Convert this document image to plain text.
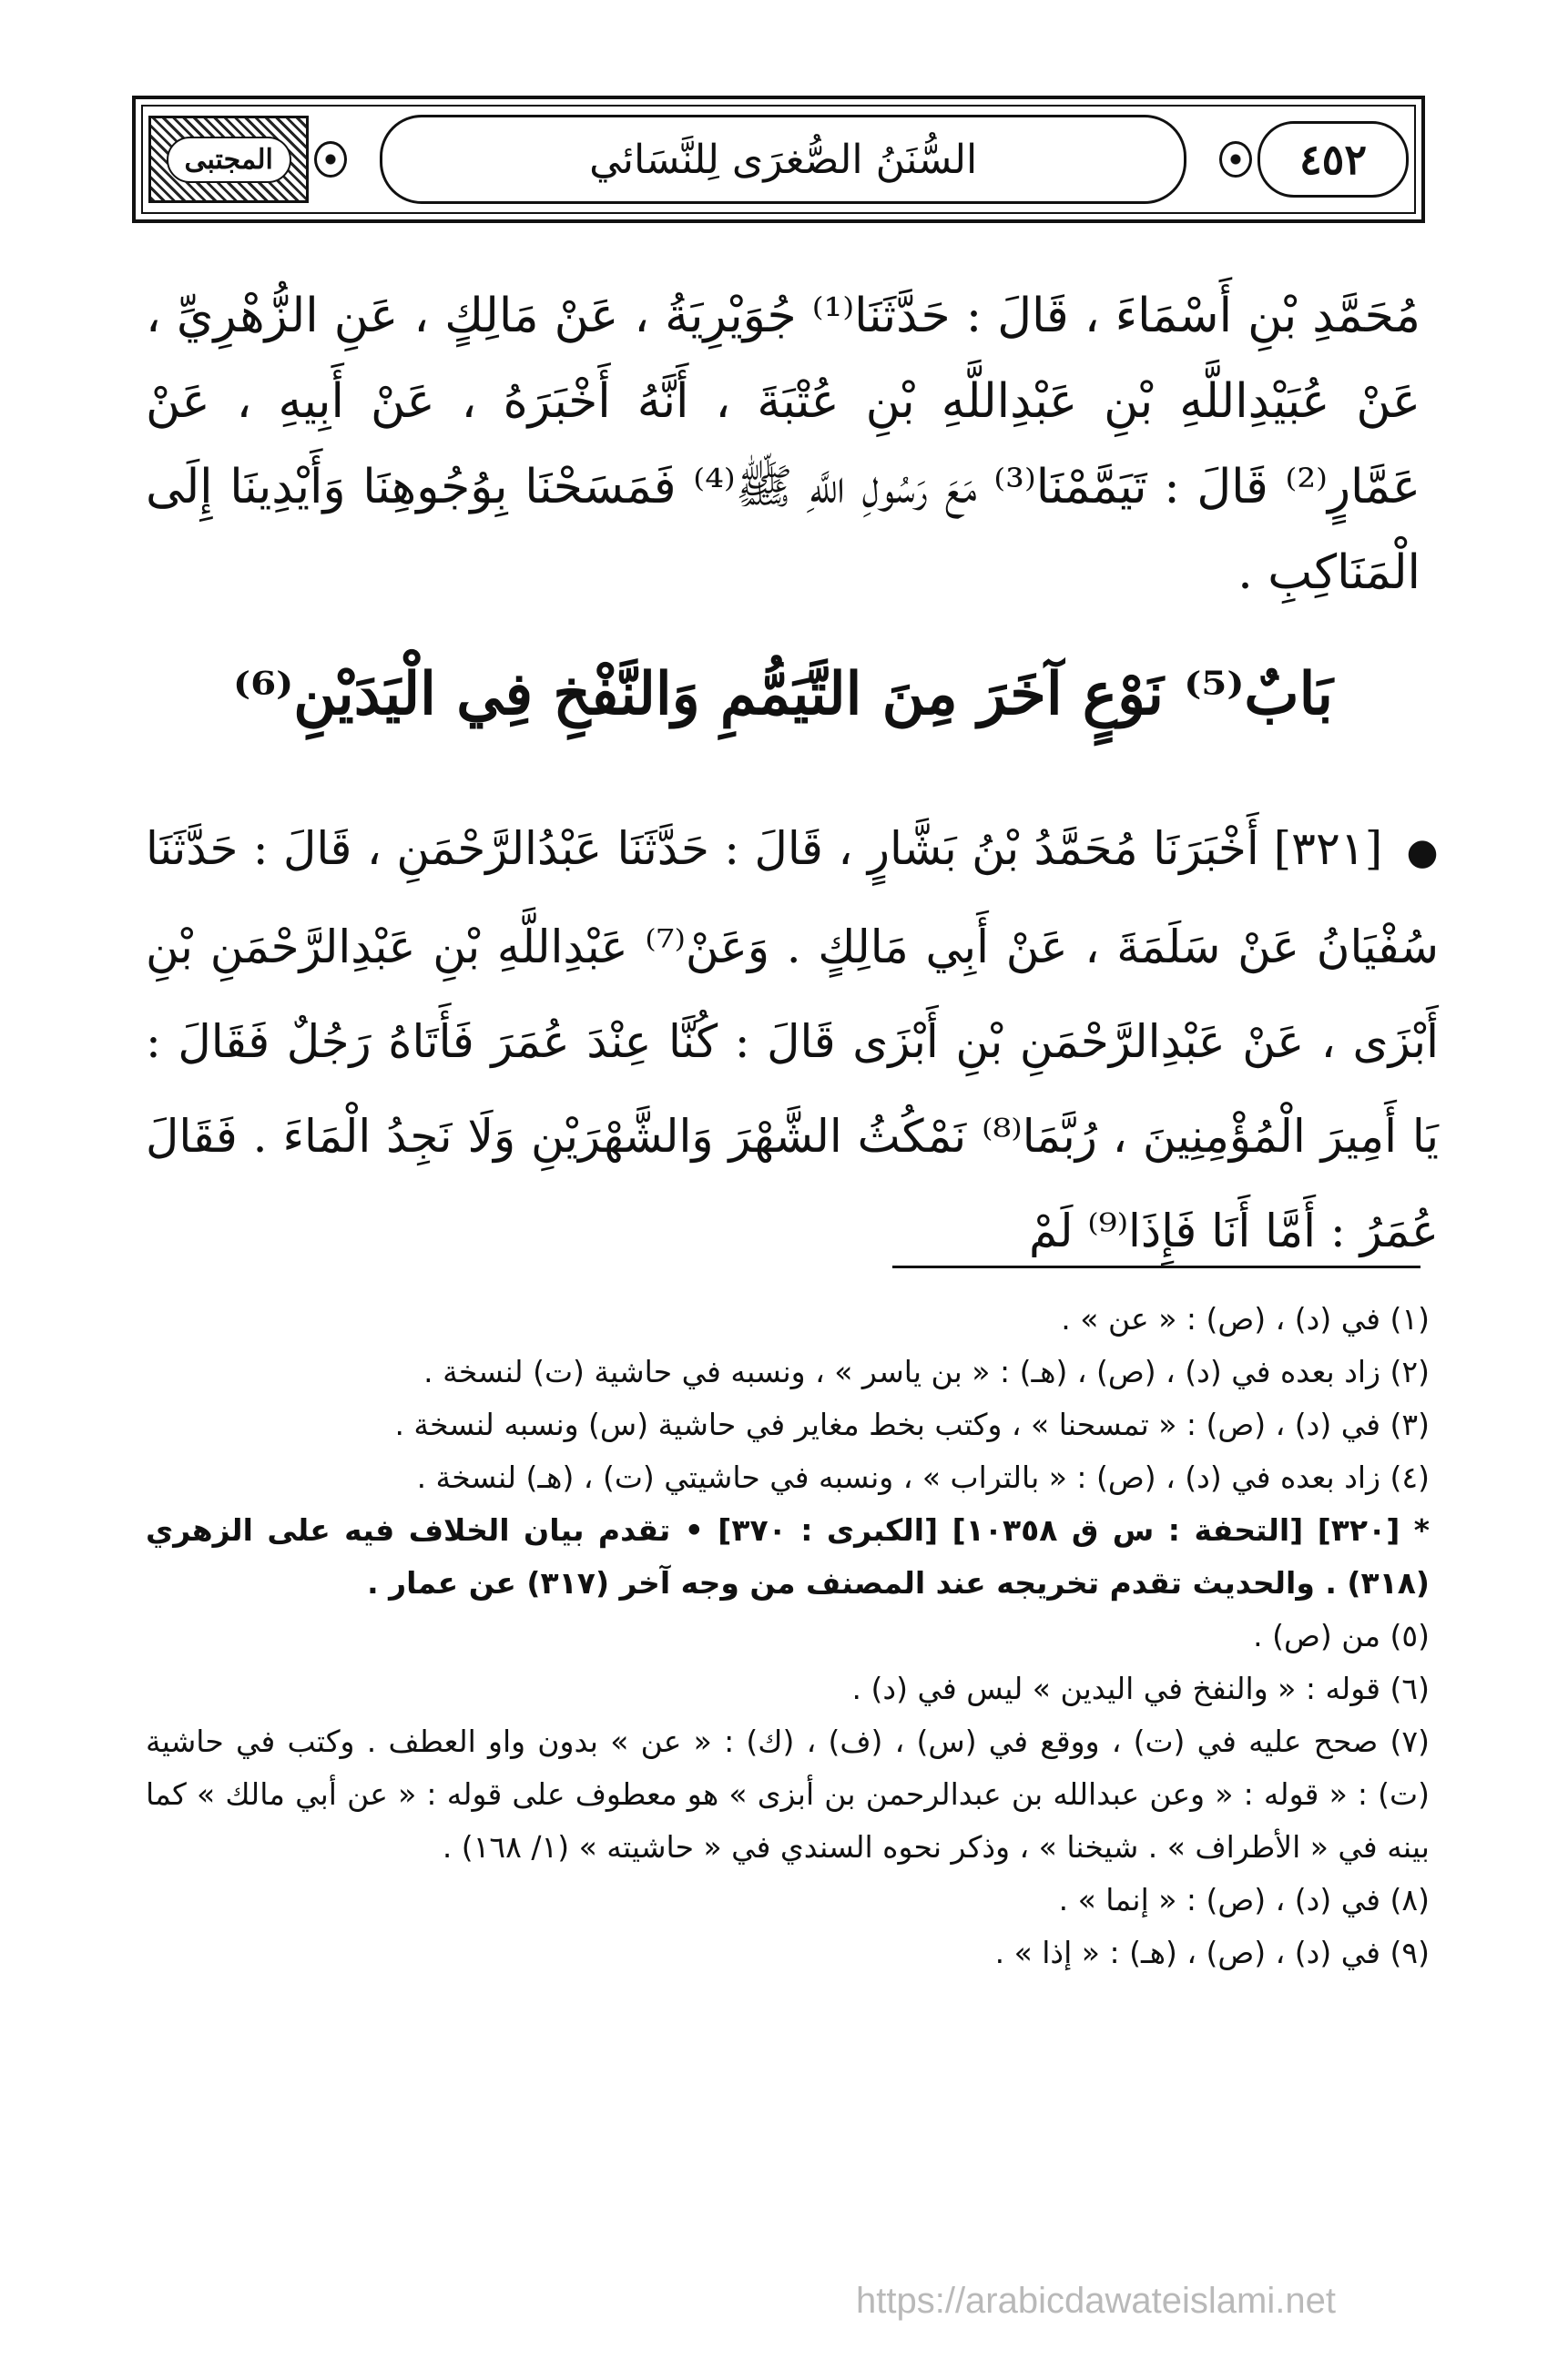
المجتبى	السُّنَنُ الصُّغرَى لِلنَّسَائي	٤٥٢

مُحَمَّدِ بْنِ أَسْمَاءَ ، قَالَ : حَدَّثَنَا⁽¹⁾ جُوَيْرِيَةُ ، عَنْ مَالِكٍ ، عَنِ الزُّهْرِيِّ ، عَنْ عُبَيْدِاللَّهِ بْنِ عَبْدِاللَّهِ بْنِ عُتْبَةَ ، أَنَّهُ أَخْبَرَهُ ، عَنْ أَبِيهِ ، عَنْ عَمَّارٍ⁽²⁾ قَالَ : تَيَمَّمْنَا⁽³⁾ مَعَ رَسُولِ اللَّهِ ﷺ⁽⁴⁾ فَمَسَحْنَا بِوُجُوهِنَا وَأَيْدِينَا إِلَى الْمَنَاكِبِ .

بَابٌ⁽⁵⁾ نَوْعٍ آخَرَ مِنَ التَّيَمُّمِ وَالنَّفْخِ فِي الْيَدَيْنِ⁽⁶⁾
● [٣٢١] أَخْبَرَنَا مُحَمَّدُ بْنُ بَشَّارٍ ، قَالَ : حَدَّثَنَا عَبْدُالرَّحْمَنِ ، قَالَ : حَدَّثَنَا سُفْيَانُ عَنْ سَلَمَةَ ، عَنْ أَبِي مَالِكٍ . وَعَنْ⁽⁷⁾ عَبْدِاللَّهِ بْنِ عَبْدِالرَّحْمَنِ بْنِ أَبْزَى ، عَنْ عَبْدِالرَّحْمَنِ بْنِ أَبْزَى قَالَ : كُنَّا عِنْدَ عُمَرَ فَأَتَاهُ رَجُلٌ فَقَالَ : يَا أَمِيرَ الْمُؤْمِنِينَ ، رُبَّمَا⁽⁸⁾ نَمْكُثُ الشَّهْرَ وَالشَّهْرَيْنِ وَلَا نَجِدُ الْمَاءَ . فَقَالَ عُمَرُ : أَمَّا أَنَا فَإِذَا⁽⁹⁾ لَمْ
(١) في (د) ، (ص) : « عن » .
(٢) زاد بعده في (د) ، (ص) ، (هـ) : « بن ياسر » ، ونسبه في حاشية (ت) لنسخة .
(٣) في (د) ، (ص) : « تمسحنا » ، وكتب بخط مغاير في حاشية (س) ونسبه لنسخة .
(٤) زاد بعده في (د) ، (ص) : « بالتراب » ، ونسبه في حاشيتي (ت) ، (هـ) لنسخة .
* [٣٢٠] [التحفة : س ق ١٠٣٥٨] [الكبرى : ٣٧٠] • تقدم بيان الخلاف فيه على الزهري (٣١٨) . والحديث تقدم تخريجه عند المصنف من وجه آخر (٣١٧) عن عمار .
(٥) من (ص) .
(٦) قوله : « والنفخ في اليدين » ليس في (د) .
(٧) صحح عليه في (ت) ، ووقع في (س) ، (ف) ، (ك) : « عن » بدون واو العطف . وكتب في حاشية (ت) : « قوله : « وعن عبدالله بن عبدالرحمن بن أبزى » هو معطوف على قوله : « عن أبي مالك » كما بينه في « الأطراف » . شيخنا » ، وذكر نحوه السندي في « حاشيته » (١/ ١٦٨) .
(٨) في (د) ، (ص) : « إنما » .
(٩) في (د) ، (ص) ، (هـ) : « إذا » .
https://arabicdawateislami.net
